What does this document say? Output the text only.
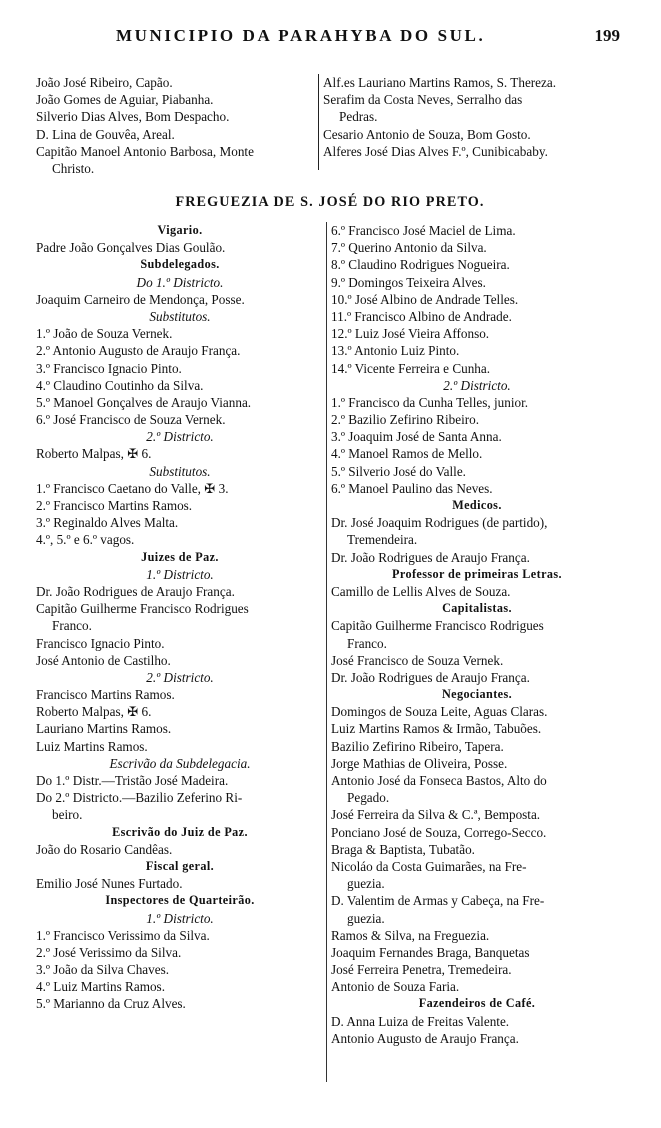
MUNICIPIO DA PARAHYBA DO SUL.	199
João José Ribeiro, Capão.
João Gomes de Aguiar, Piabanha.
Silverio Dias Alves, Bom Despacho.
D. Lina de Gouvêa, Areal.
Capitão Manoel Antonio Barbosa, Monte
Christo.
Alf.es Lauriano Martins Ramos, S. Thereza.
Serafim da Costa Neves, Serralho das
Pedras.
Cesario Antonio de Souza, Bom Gosto.
Alferes José Dias Alves F.º, Cunibicababy.
FREGUEZIA DE S. JOSÉ DO RIO PRETO.
Vigario.
Padre João Gonçalves Dias Goulão.
Subdelegados.
Do 1.º Districto.
Joaquim Carneiro de Mendonça, Posse.
Substitutos.
1.º João de Souza Vernek.
2.º Antonio Augusto de Araujo França.
3.º Francisco Ignacio Pinto.
4.º Claudino Coutinho da Silva.
5.º Manoel Gonçalves de Araujo Vianna.
6.º José Francisco de Souza Vernek.
2.º Districto.
Roberto Malpas, ✠ 6.
Substitutos.
1.º Francisco Caetano do Valle, ✠ 3.
2.º Francisco Martins Ramos.
3.º Reginaldo Alves Malta.
4.º, 5.º e 6.º vagos.
Juizes de Paz.
1.º Districto.
Dr. João Rodrigues de Araujo França.
Capitão Guilherme Francisco Rodrigues
Franco.
Francisco Ignacio Pinto.
José Antonio de Castilho.
2.º Districto.
Francisco Martins Ramos.
Roberto Malpas, ✠ 6.
Lauriano Martins Ramos.
Luiz Martins Ramos.
Escrivão da Subdelegacia.
Do 1.º Distr.—Tristão José Madeira.
Do 2.º Districto.—Bazilio Zeferino Ri-
beiro.
Escrivão do Juiz de Paz.
João do Rosario Candêas.
Fiscal geral.
Emilio José Nunes Furtado.
Inspectores de Quarteirão.
1.º Districto.
1.º Francisco Verissimo da Silva.
2.º José Verissimo da Silva.
3.º João da Silva Chaves.
4.º Luiz Martins Ramos.
5.º Marianno da Cruz Alves.
6.º Francisco José Maciel de Lima.
7.º Querino Antonio da Silva.
8.º Claudino Rodrigues Nogueira.
9.º Domingos Teixeira Alves.
10.º José Albino de Andrade Telles.
11.º Francisco Albino de Andrade.
12.º Luiz José Vieira Affonso.
13.º Antonio Luiz Pinto.
14.º Vicente Ferreira e Cunha.
2.º Districto.
1.º Francisco da Cunha Telles, junior.
2.º Bazilio Zefirino Ribeiro.
3.º Joaquim José de Santa Anna.
4.º Manoel Ramos de Mello.
5.º Silverio José do Valle.
6.º Manoel Paulino das Neves.
Medicos.
Dr. José Joaquim Rodrigues (de partido),
Tremendeira.
Dr. João Rodrigues de Araujo França.
Professor de primeiras Letras.
Camillo de Lellis Alves de Souza.
Capitalistas.
Capitão Guilherme Francisco Rodrigues
Franco.
José Francisco de Souza Vernek.
Dr. João Rodrigues de Araujo França.
Negociantes.
Domingos de Souza Leite, Aguas Claras.
Luiz Martins Ramos & Irmão, Tabuões.
Bazilio Zefirino Ribeiro, Tapera.
Jorge Mathias de Oliveira, Posse.
Antonio José da Fonseca Bastos, Alto do
Pegado.
José Ferreira da Silva & C.ª, Bemposta.
Ponciano José de Souza, Corrego-Secco.
Braga & Baptista, Tubatão.
Nicoláo da Costa Guimarães, na Fre-
guezia.
D. Valentim de Armas y Cabeça, na Fre-
guezia.
Ramos & Silva, na Freguezia.
Joaquim Fernandes Braga, Banquetas
José Ferreira Penetra, Tremedeira.
Antonio de Souza Faria.
Fazendeiros de Café.
D. Anna Luiza de Freitas Valente.
Antonio Augusto de Araujo França.
